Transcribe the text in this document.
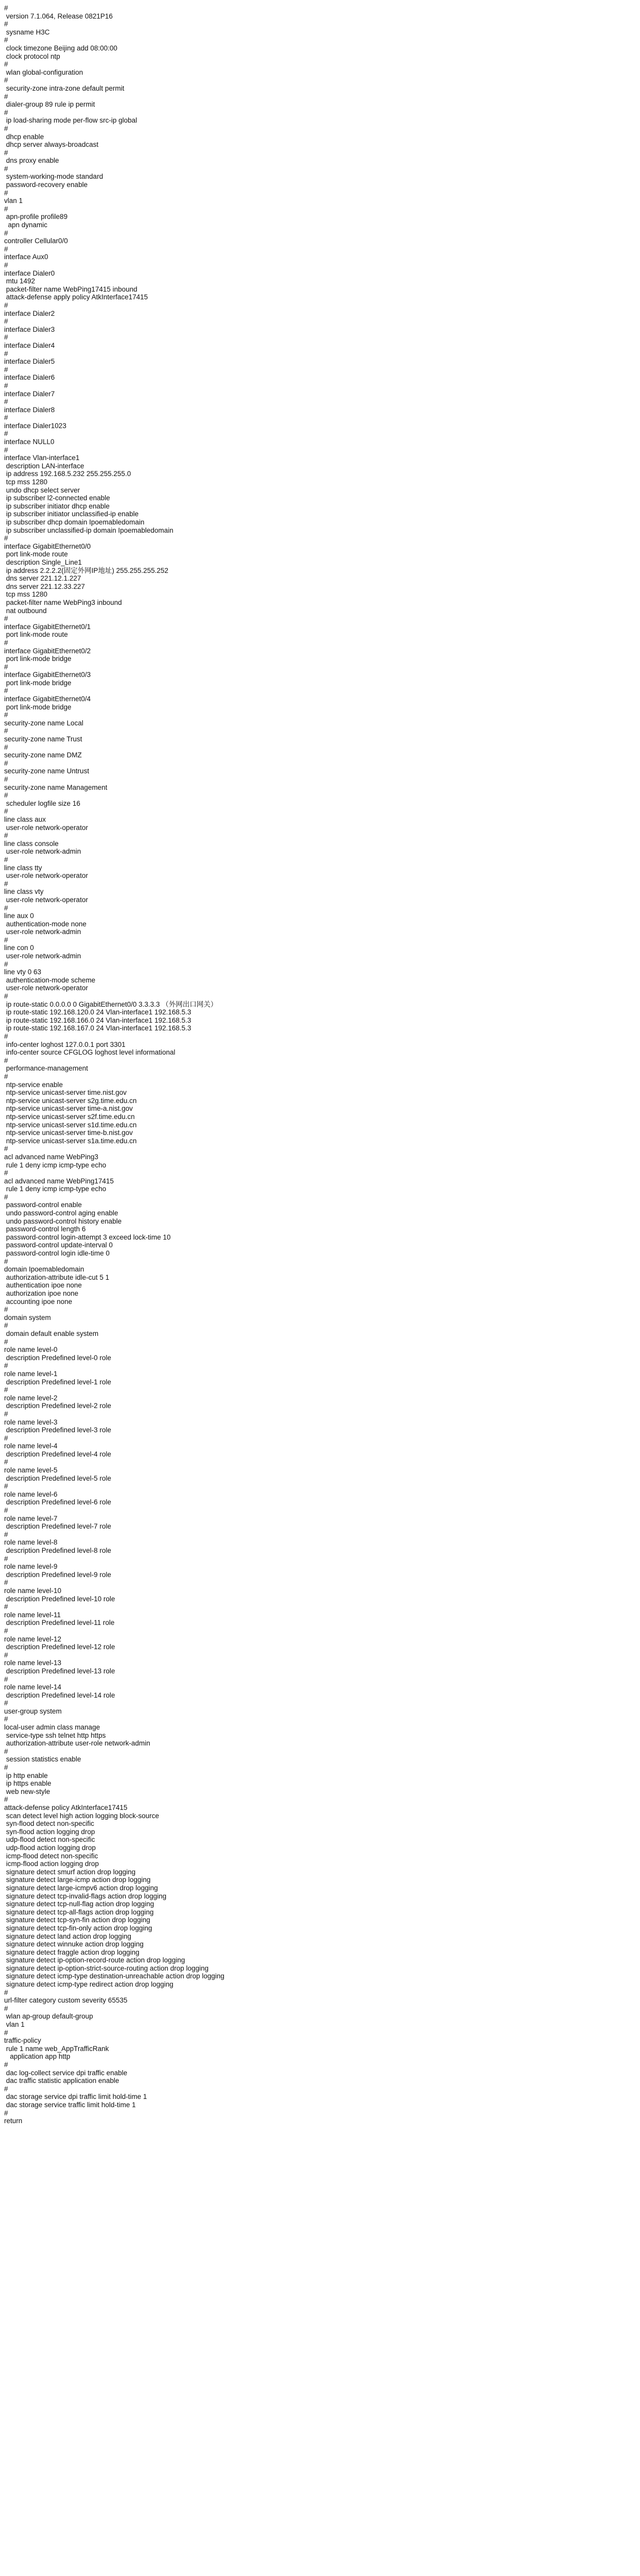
#
version 7.1.064, Release 0821P16
#
sysname H3C
#
clock timezone Beijing add 08:00:00
clock protocol ntp
#
wlan global-configuration
#
security-zone intra-zone default permit
#
dialer-group 89 rule ip permit
#
ip load-sharing mode per-flow src-ip global
#
dhcp enable
dhcp server always-broadcast
#
dns proxy enable
#
system-working-mode standard
password-recovery enable
#
vlan 1
#
apn-profile profile89
apn dynamic
#
controller Cellular0/0
#
interface Aux0
#
interface Dialer0
mtu 1492
packet-filter name WebPing17415 inbound
attack-defense apply policy AtkInterface17415
#
interface Dialer2
#
interface Dialer3
#
interface Dialer4
#
interface Dialer5
#
interface Dialer6
#
interface Dialer7
#
interface Dialer8
#
interface Dialer1023
#
interface NULL0
#
interface Vlan-interface1
description LAN-interface
ip address 192.168.5.232 255.255.255.0
tcp mss 1280
undo dhcp select server
ip subscriber l2-connected enable
ip subscriber initiator dhcp enable
ip subscriber initiator unclassified-ip enable
ip subscriber dhcp domain Ipoemabledomain
ip subscriber unclassified-ip domain Ipoemabledomain
#
interface GigabitEthernet0/0
port link-mode route
description Single_Line1
ip address 2.2.2.2(固定外网IP地址) 255.255.255.252
dns server 221.12.1.227
dns server 221.12.33.227
tcp mss 1280
packet-filter name WebPing3 inbound
nat outbound
#
interface GigabitEthernet0/1
port link-mode route
#
interface GigabitEthernet0/2
port link-mode bridge
#
interface GigabitEthernet0/3
port link-mode bridge
#
interface GigabitEthernet0/4
port link-mode bridge
#
security-zone name Local
#
security-zone name Trust
#
security-zone name DMZ
#
security-zone name Untrust
#
security-zone name Management
#
scheduler logfile size 16
#
line class aux
user-role network-operator
#
line class console
user-role network-admin
#
line class tty
user-role network-operator
#
line class vty
user-role network-operator
#
line aux 0
authentication-mode none
user-role network-admin
#
line con 0
user-role network-admin
#
line vty 0 63
authentication-mode scheme
user-role network-operator
#
ip route-static 0.0.0.0 0 GigabitEthernet0/0 3.3.3.3 （外网出口网关）
ip route-static 192.168.120.0 24 Vlan-interface1 192.168.5.3
ip route-static 192.168.166.0 24 Vlan-interface1 192.168.5.3
ip route-static 192.168.167.0 24 Vlan-interface1 192.168.5.3
#
info-center loghost 127.0.0.1 port 3301
info-center source CFGLOG loghost level informational
#
performance-management
#
ntp-service enable
ntp-service unicast-server time.nist.gov
ntp-service unicast-server s2g.time.edu.cn
ntp-service unicast-server time-a.nist.gov
ntp-service unicast-server s2f.time.edu.cn
ntp-service unicast-server s1d.time.edu.cn
ntp-service unicast-server time-b.nist.gov
ntp-service unicast-server s1a.time.edu.cn
#
acl advanced name WebPing3
rule 1 deny icmp icmp-type echo
#
acl advanced name WebPing17415
rule 1 deny icmp icmp-type echo
#
password-control enable
undo password-control aging enable
undo password-control history enable
password-control length 6
password-control login-attempt 3 exceed lock-time 10
password-control update-interval 0
password-control login idle-time 0
#
domain Ipoemabledomain
authorization-attribute idle-cut 5 1
authentication ipoe none
authorization ipoe none
accounting ipoe none
#
domain system
#
domain default enable system
#
role name level-0
description Predefined level-0 role
#
role name level-1
description Predefined level-1 role
#
role name level-2
description Predefined level-2 role
#
role name level-3
description Predefined level-3 role
#
role name level-4
description Predefined level-4 role
#
role name level-5
description Predefined level-5 role
#
role name level-6
description Predefined level-6 role
#
role name level-7
description Predefined level-7 role
#
role name level-8
description Predefined level-8 role
#
role name level-9
description Predefined level-9 role
#
role name level-10
description Predefined level-10 role
#
role name level-11
description Predefined level-11 role
#
role name level-12
description Predefined level-12 role
#
role name level-13
description Predefined level-13 role
#
role name level-14
description Predefined level-14 role
#
user-group system
#
local-user admin class manage
service-type ssh telnet http https
authorization-attribute user-role network-admin
#
session statistics enable
#
ip http enable
ip https enable
web new-style
#
attack-defense policy AtkInterface17415
scan detect level high action logging block-source
syn-flood detect non-specific
syn-flood action logging drop
udp-flood detect non-specific
udp-flood action logging drop
icmp-flood detect non-specific
icmp-flood action logging drop
signature detect smurf action drop logging
signature detect large-icmp action drop logging
signature detect large-icmpv6 action drop logging
signature detect tcp-invalid-flags action drop logging
signature detect tcp-null-flag action drop logging
signature detect tcp-all-flags action drop logging
signature detect tcp-syn-fin action drop logging
signature detect tcp-fin-only action drop logging
signature detect land action drop logging
signature detect winnuke action drop logging
signature detect fraggle action drop logging
signature detect ip-option-record-route action drop logging
signature detect ip-option-strict-source-routing action drop logging
signature detect icmp-type destination-unreachable action drop logging
signature detect icmp-type redirect action drop logging
#
url-filter category custom severity 65535
#
wlan ap-group default-group
vlan 1
#
traffic-policy
rule 1 name web_AppTrafficRank
application app http
#
dac log-collect service dpi traffic enable
dac traffic statistic application enable
#
dac storage service dpi traffic limit hold-time 1
dac storage service traffic limit hold-time 1
#
return
